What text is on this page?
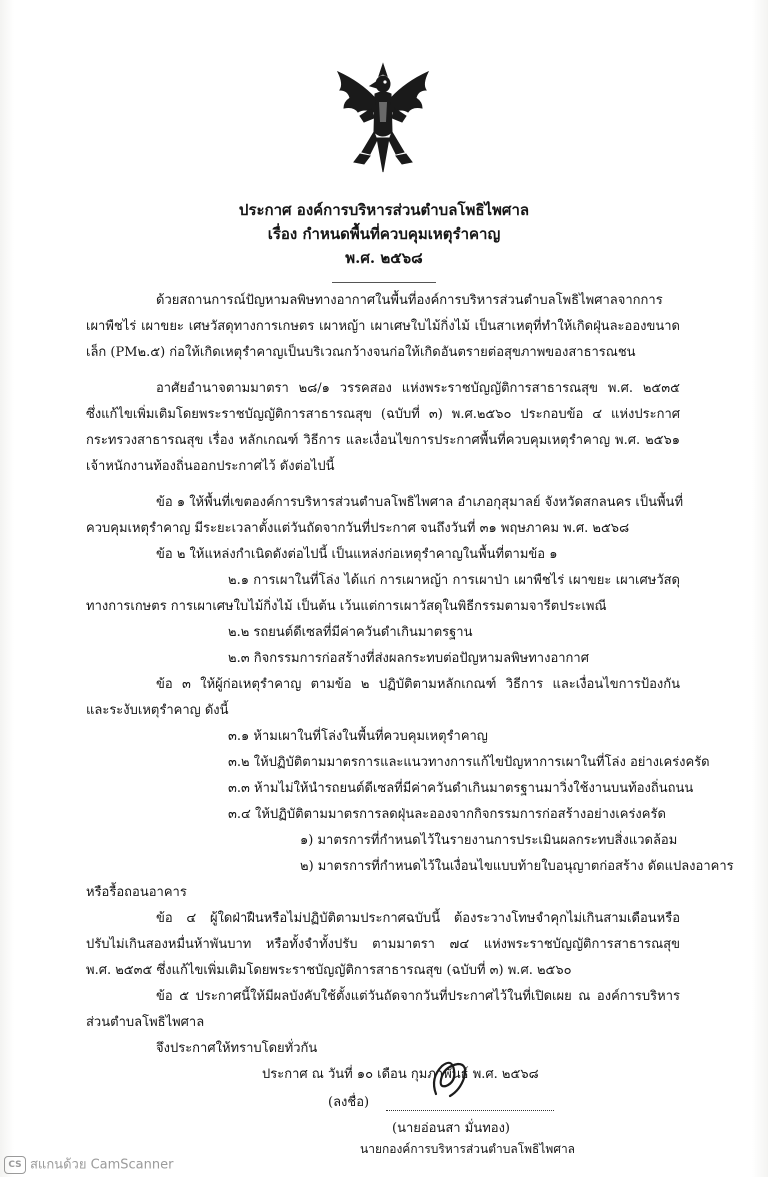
ประกาศ องค์การบริหารส่วนตำบลโพธิไพศาล
เรื่อง กำหนดพื้นที่ควบคุมเหตุรำคาญ
พ.ศ. ๒๕๖๘
ด้วยสถานการณ์ปัญหามลพิษทางอากาศในพื้นที่องค์การบริหารส่วนตำบลโพธิไพศาลจากการ
เผาพืชไร่ เผาขยะ เศษวัสดุทางการเกษตร เผาหญ้า เผาเศษใบไม้กิ่งไม้ เป็นสาเหตุที่ทำให้เกิดฝุ่นละอองขนาด
เล็ก (PM๒.๕) ก่อให้เกิดเหตุรำคาญเป็นบริเวณกว้างจนก่อให้เกิดอันตรายต่อสุขภาพของสาธารณชน
อาศัยอำนาจตามมาตรา ๒๘/๑ วรรคสอง แห่งพระราชบัญญัติการสาธารณสุข พ.ศ. ๒๕๓๕
ซึ่งแก้ไขเพิ่มเติมโดยพระราชบัญญัติการสาธารณสุข (ฉบับที่ ๓) พ.ศ.๒๕๖๐ ประกอบข้อ ๔ แห่งประกาศ
กระทรวงสาธารณสุข เรื่อง หลักเกณฑ์ วิธีการ และเงื่อนไขการประกาศพื้นที่ควบคุมเหตุรำคาญ พ.ศ. ๒๕๖๑
เจ้าหนักงานท้องถิ่นออกประกาศไว้ ดังต่อไปนี้
ข้อ ๑ ให้พื้นที่เขตองค์การบริหารส่วนตำบลโพธิไพศาล อำเภอกุสุมาลย์ จังหวัดสกลนคร เป็นพื้นที่
ควบคุมเหตุรำคาญ มีระยะเวลาตั้งแต่วันถัดจากวันที่ประกาศ จนถึงวันที่ ๓๑ พฤษภาคม พ.ศ. ๒๕๖๘
ข้อ ๒ ให้แหล่งกำเนิดดังต่อไปนี้ เป็นแหล่งก่อเหตุรำคาญในพื้นที่ตามข้อ ๑
๒.๑ การเผาในที่โล่ง ได้แก่ การเผาหญ้า การเผาป่า เผาพืชไร่ เผาขยะ เผาเศษวัสดุ
ทางการเกษตร การเผาเศษใบไม้กิ่งไม้ เป็นต้น เว้นแต่การเผาวัสดุในพิธีกรรมตามจารีตประเพณี
๒.๒ รถยนต์ดีเซลที่มีค่าควันดำเกินมาตรฐาน
๒.๓ กิจกรรมการก่อสร้างที่ส่งผลกระทบต่อปัญหามลพิษทางอากาศ
ข้อ ๓ ให้ผู้ก่อเหตุรำคาญ ตามข้อ ๒ ปฏิบัติตามหลักเกณฑ์ วิธีการ และเงื่อนไขการป้องกัน
และระงับเหตุรำคาญ ดังนี้
๓.๑ ห้ามเผาในที่โล่งในพื้นที่ควบคุมเหตุรำคาญ
๓.๒ ให้ปฏิบัติตามมาตรการและแนวทางการแก้ไขปัญหาการเผาในที่โล่ง อย่างเคร่งครัด
๓.๓ ห้ามไม่ให้นำรถยนต์ดีเซลที่มีค่าควันดำเกินมาตรฐานมาวิ่งใช้งานบนท้องถิ่นถนน
๓.๔ ให้ปฏิบัติตามมาตรการลดฝุ่นละอองจากกิจกรรมการก่อสร้างอย่างเคร่งครัด
๑) มาตรการที่กำหนดไว้ในรายงานการประเมินผลกระทบสิ่งแวดล้อม
๒) มาตรการที่กำหนดไว้ในเงื่อนไขแบบท้ายใบอนุญาตก่อสร้าง ดัดแปลงอาคาร
หรือรื้อถอนอาคาร
ข้อ ๔ ผู้ใดฝ่าฝืนหรือไม่ปฏิบัติตามประกาศฉบับนี้ ต้องระวางโทษจำคุกไม่เกินสามเดือนหรือ
ปรับไม่เกินสองหมื่นห้าพันบาท หรือทั้งจำทั้งปรับ ตามมาตรา ๗๔ แห่งพระราชบัญญัติการสาธารณสุข
พ.ศ. ๒๕๓๕ ซึ่งแก้ไขเพิ่มเติมโดยพระราชบัญญัติการสาธารณสุข (ฉบับที่ ๓) พ.ศ. ๒๕๖๐
ข้อ ๕ ประกาศนี้ให้มีผลบังคับใช้ตั้งแต่วันถัดจากวันที่ประกาศไว้ในที่เปิดเผย ณ องค์การบริหาร
ส่วนตำบลโพธิไพศาล
จึงประกาศให้ทราบโดยทั่วกัน
ประกาศ ณ วันที่ ๑๐ เดือน กุมภาพันธ์ พ.ศ. ๒๕๖๘
(ลงชื่อ)
(นายอ่อนสา มั่นทอง)
นายกองค์การบริหารส่วนตำบลโพธิไพศาล
CS สแกนด้วย CamScanner
